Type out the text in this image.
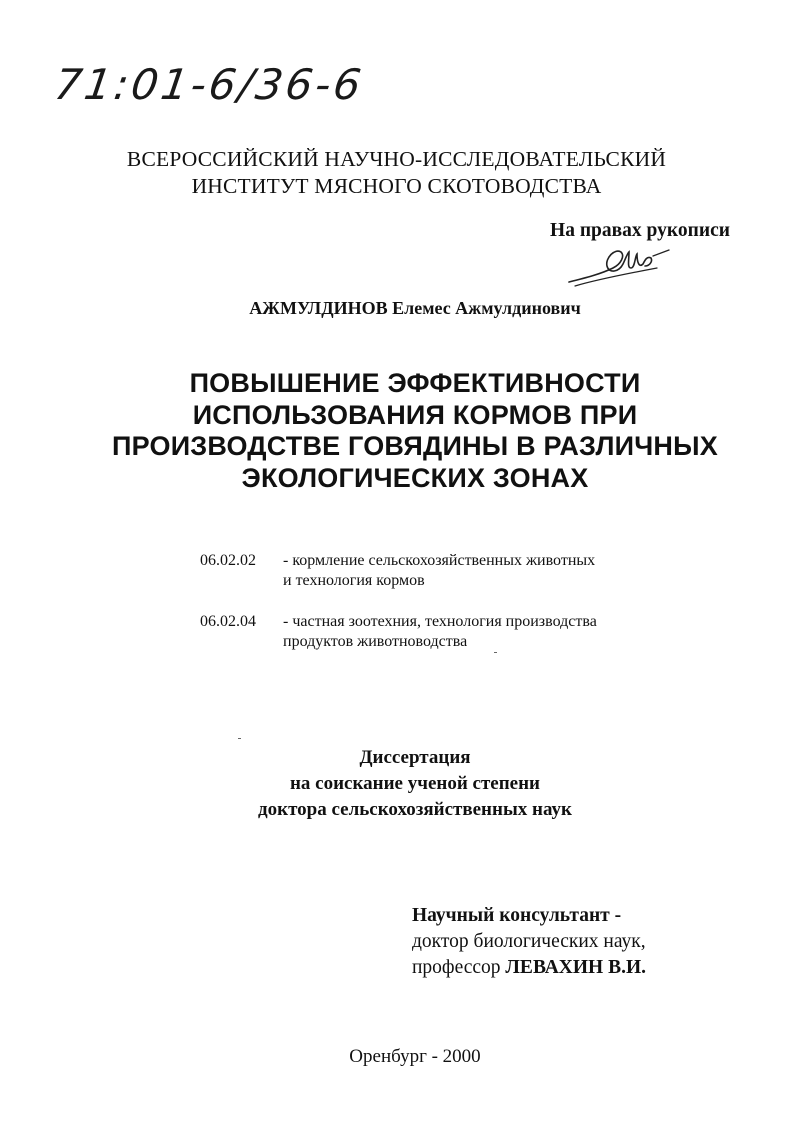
71:01-6/36-6
ВСЕРОССИЙСКИЙ НАУЧНО-ИССЛЕДОВАТЕЛЬСКИЙ
ИНСТИТУТ МЯСНОГО СКОТОВОДСТВА
На правах рукописи
АЖМУЛДИНОВ Елемес Ажмулдинович
ПОВЫШЕНИЕ ЭФФЕКТИВНОСТИ
ИСПОЛЬЗОВАНИЯ КОРМОВ ПРИ
ПРОИЗВОДСТВЕ ГОВЯДИНЫ В РАЗЛИЧНЫХ
ЭКОЛОГИЧЕСКИХ ЗОНАХ
06.02.02 - кормление сельскохозяйственных животных
и технология кормов
06.02.04 - частная зоотехния, технология производства
продуктов животноводства
Диссертация
на соискание ученой степени
доктора сельскохозяйственных наук
Научный консультант -
доктор биологических наук,
профессор ЛЕВАХИН В.И.
Оренбург - 2000
